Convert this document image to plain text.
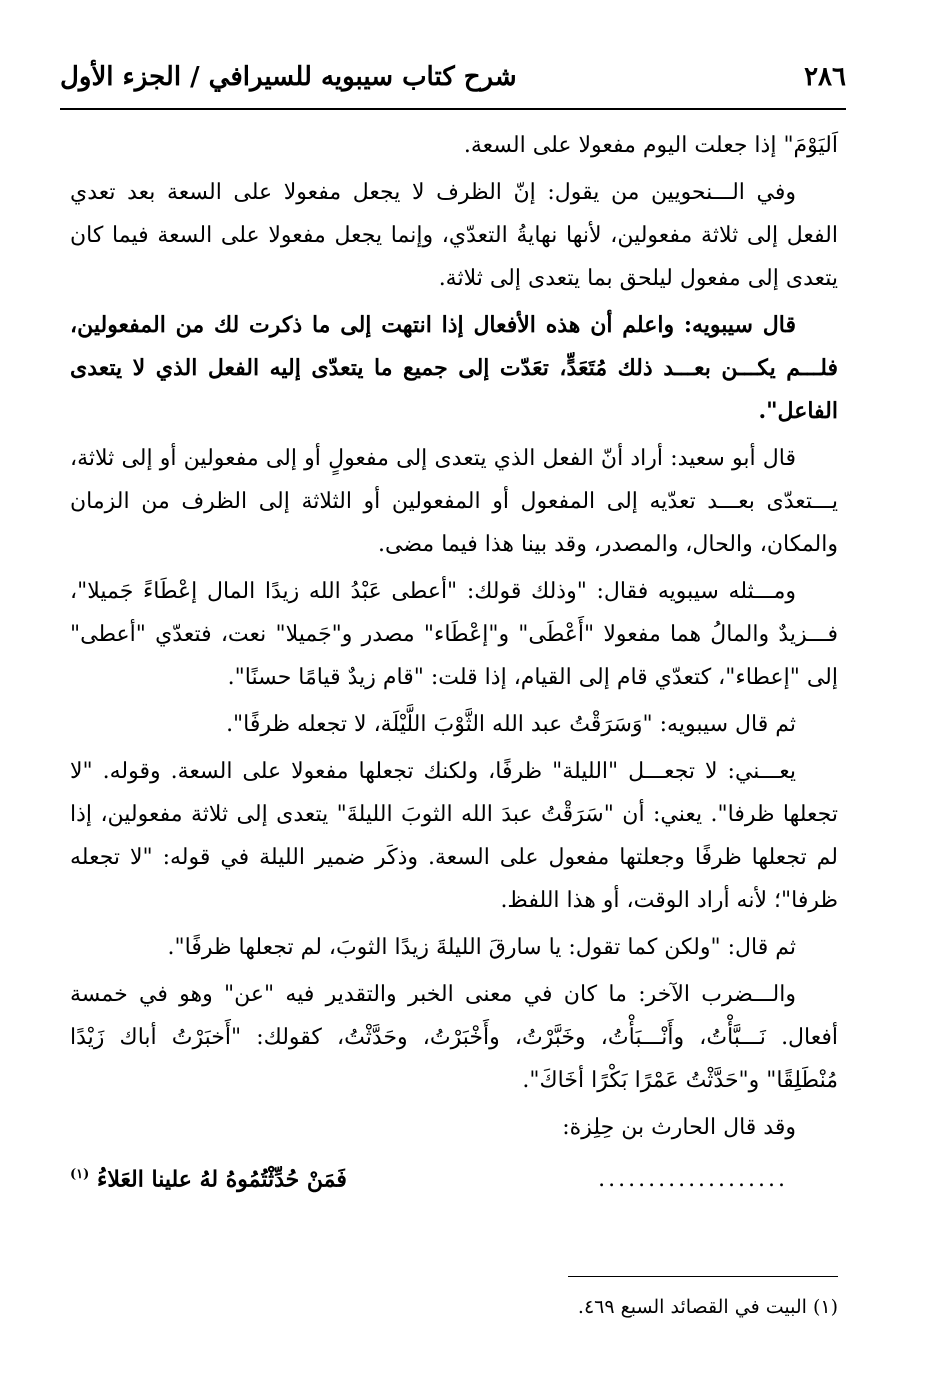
٢٨٦
شرح كتاب سيبويه للسيرافي / الجزء الأول

اَليَوْمَ" إذا جعلت اليوم مفعولا على السعة.

وفي الـــنحويين من يقول: إنّ الظرف لا يجعل مفعولا على السعة بعد تعدي الفعل إلى ثلاثة مفعولين، لأنها نهايةُ التعدّي، وإنما يجعل مفعولا على السعة فيما كان يتعدى إلى مفعول ليلحق بما يتعدى إلى ثلاثة.

قال سيبويه: واعلم أن هذه الأفعال إذا انتهت إلى ما ذكرت لك من المفعولين، فلـــم يكـــن بعـــد ذلك مُتَعَدٍّ، تعَدّت إلى جميع ما يتعدّى إليه الفعل الذي لا يتعدى الفاعل".

قال أبو سعيد: أراد أنّ الفعل الذي يتعدى إلى مفعولٍ أو إلى مفعولين أو إلى ثلاثة، يـــتعدّى بعـــد تعدّيه إلى المفعول أو المفعولين أو الثلاثة إلى الظرف من الزمان والمكان، والحال، والمصدر، وقد بينا هذا فيما مضى.

ومـــثله سيبويه فقال: "وذلك قولك: "أعطى عَبْدُ الله زيدًا المال إعْطَاءً جَميلا"، فـــزيدٌ والمالُ هما مفعولا "أَعْطَى" و"إعْطَاء" مصدر و"جَميلا" نعت، فتعدّي "أعطى" إلى "إعطاء"، كتعدّي قام إلى القيام، إذا قلت: "قام زيدٌ قيامًا حسنًا".

ثم قال سيبويه: "وَسَرَقْتُ عبد الله الثَّوْبَ اللَّيْلَة، لا تجعله ظرفًا".

يعـــني: لا تجعـــل "الليلة" ظرفًا، ولكنك تجعلها مفعولا على السعة. وقوله. "لا تجعلها ظرفا". يعني: أن "سَرَقْتُ عبدَ الله الثوبَ الليلةَ" يتعدى إلى ثلاثة مفعولين، إذا لم تجعلها ظرفًا وجعلتها مفعول على السعة. وذكَر ضمير الليلة في قوله: "لا تجعله ظرفا"؛ لأنه أراد الوقت، أو هذا اللفظ.

ثم قال: "ولكن كما تقول: يا سارقَ الليلةَ زيدًا الثوبَ، لم تجعلها ظرفًا".

والـــضرب الآخر: ما كان في معنى الخبر والتقدير فيه "عن" وهو في خمسة أفعال. نَـــبَّأْتُ، وأَنْـــبَأْتُ، وخَبَّرْتُ، وأَخْبَرْتُ، وحَدَّثْتُ، كقولك: "أَخبَرْتُ أباك زَيْدًا مُنْطَلِقًا" و"حَدَّثْتُ عَمْرًا بَكْرًا أخَاكَ".

وقد قال الحارث بن حِلِزة:

...................
فَمَنْ حُدِّثْتُمُوهُ لهُ علينا العَلاءُ $^{(١)}$
(١) البيت في القصائد السبع ٤٦٩.
